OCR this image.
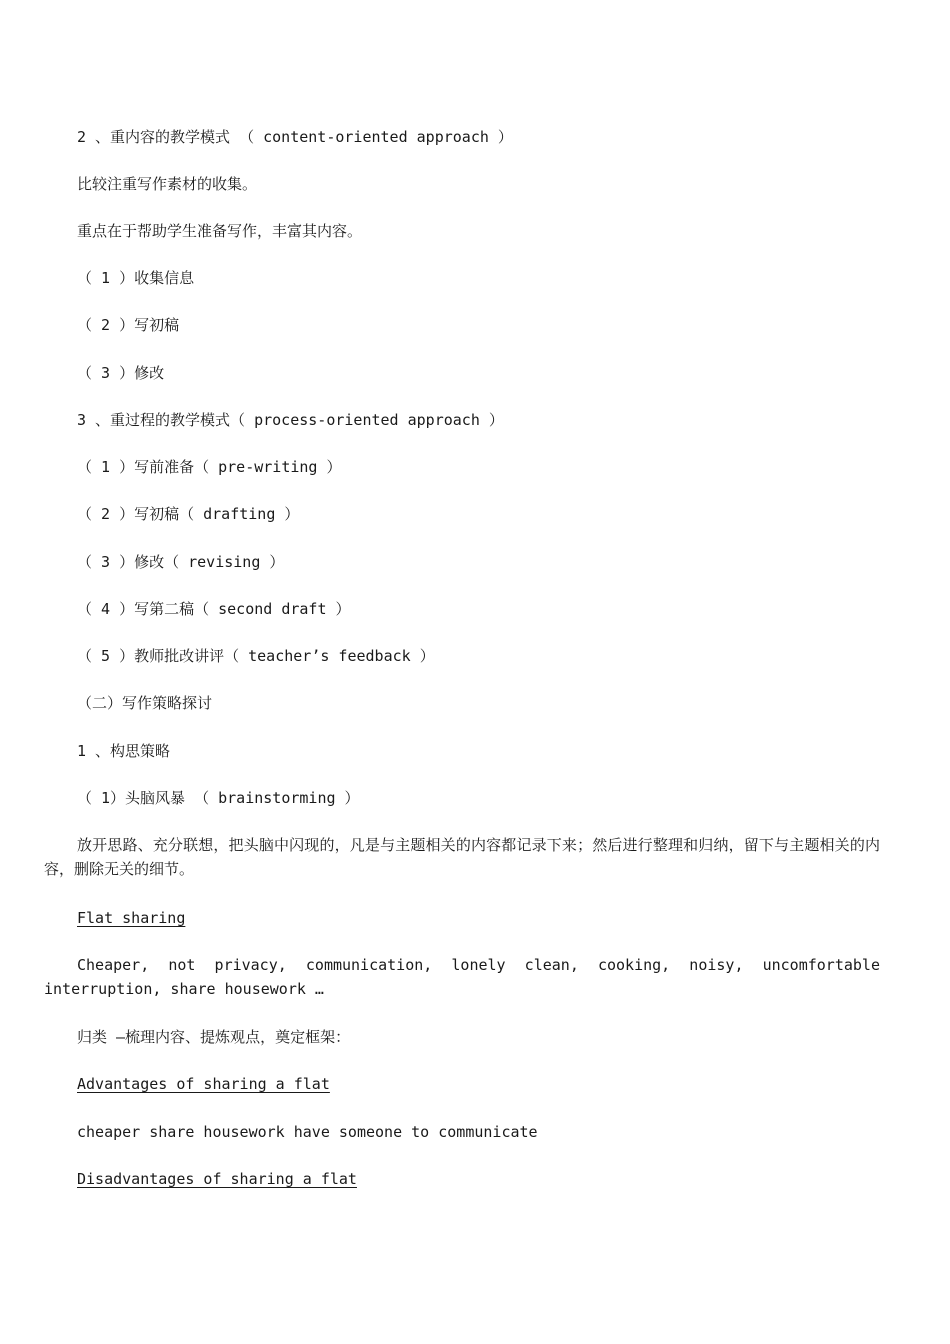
2 、重内容的教学模式 （ content-oriented approach ）

比较注重写作素材的收集。

重点在于帮助学生准备写作，丰富其内容。

（ 1 ）收集信息

（ 2 ）写初稿

（ 3 ）修改

3 、重过程的教学模式（ process-oriented approach ）

（ 1 ）写前准备（ pre-writing ）

（ 2 ）写初稿（ drafting ）

（ 3 ）修改（ revising ）

（ 4 ）写第二稿（ second draft ）

（ 5 ）教师批改讲评（ teacher’s feedback ）

（二）写作策略探讨

1 、构思策略

（ 1）头脑风暴 （ brainstorming ）

放开思路、充分联想，把头脑中闪现的，凡是与主题相关的内容都记录下来；然后进行整理和归纳，留下与主题相关的内容，删除无关的细节。

Flat sharing

Cheaper, not privacy, communication, lonely clean, cooking, noisy, uncomfortable interruption, share housework …

归类 —梳理内容、提炼观点，奠定框架：

Advantages of sharing a flat

cheaper share housework have someone to communicate

Disadvantages of sharing a flat
